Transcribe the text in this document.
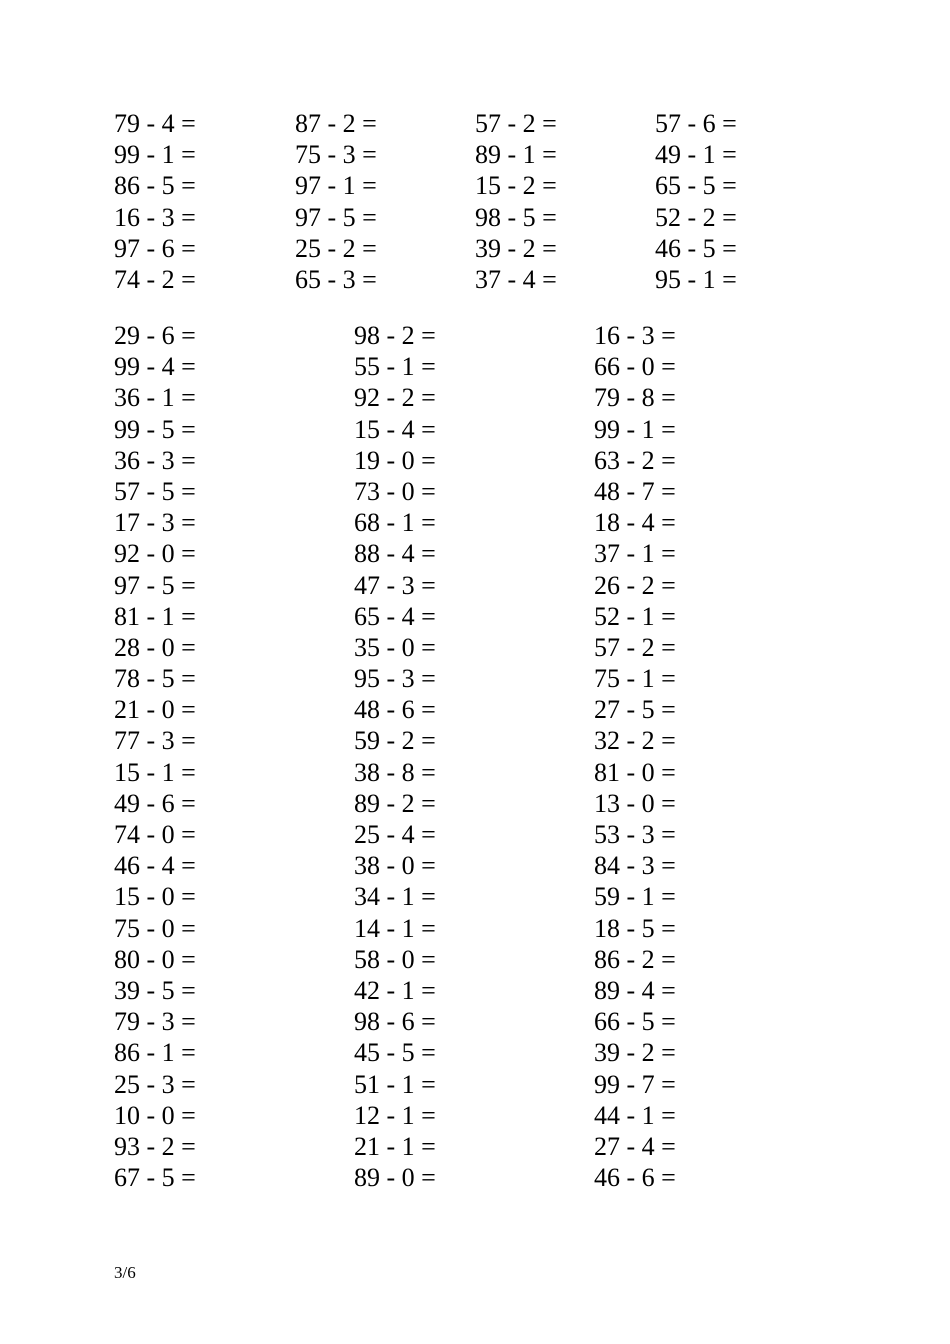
79 - 4 =	87 - 2 =	57 - 2 =	57 - 6 =
99 - 1 =	75 - 3 =	89 - 1 =	49 - 1 =
86 - 5 =	97 - 1 =	15 - 2 =	65 - 5 =
16 - 3 =	97 - 5 =	98 - 5 =	52 - 2 =
97 - 6 =	25 - 2 =	39 - 2 =	46 - 5 =
74 - 2 =	65 - 3 =	37 - 4 =	95 - 1 =
29 - 6 =	98 - 2 =	16 - 3 =
99 - 4 =	55 - 1 =	66 - 0 =
36 - 1 =	92 - 2 =	79 - 8 =
99 - 5 =	15 - 4 =	99 - 1 =
36 - 3 =	19 - 0 =	63 - 2 =
57 - 5 =	73 - 0 =	48 - 7 =
17 - 3 =	68 - 1 =	18 - 4 =
92 - 0 =	88 - 4 =	37 - 1 =
97 - 5 =	47 - 3 =	26 - 2 =
81 - 1 =	65 - 4 =	52 - 1 =
28 - 0 =	35 - 0 =	57 - 2 =
78 - 5 =	95 - 3 =	75 - 1 =
21 - 0 =	48 - 6 =	27 - 5 =
77 - 3 =	59 - 2 =	32 - 2 =
15 - 1 =	38 - 8 =	81 - 0 =
49 - 6 =	89 - 2 =	13 - 0 =
74 - 0 =	25 - 4 =	53 - 3 =
46 - 4 =	38 - 0 =	84 - 3 =
15 - 0 =	34 - 1 =	59 - 1 =
75 - 0 =	14 - 1 =	18 - 5 =
80 - 0 =	58 - 0 =	86 - 2 =
39 - 5 =	42 - 1 =	89 - 4 =
79 - 3 =	98 - 6 =	66 - 5 =
86 - 1 =	45 - 5 =	39 - 2 =
25 - 3 =	51 - 1 =	99 - 7 =
10 - 0 =	12 - 1 =	44 - 1 =
93 - 2 =	21 - 1 =	27 - 4 =
67 - 5 =	89 - 0 =	46 - 6 =
3/6
